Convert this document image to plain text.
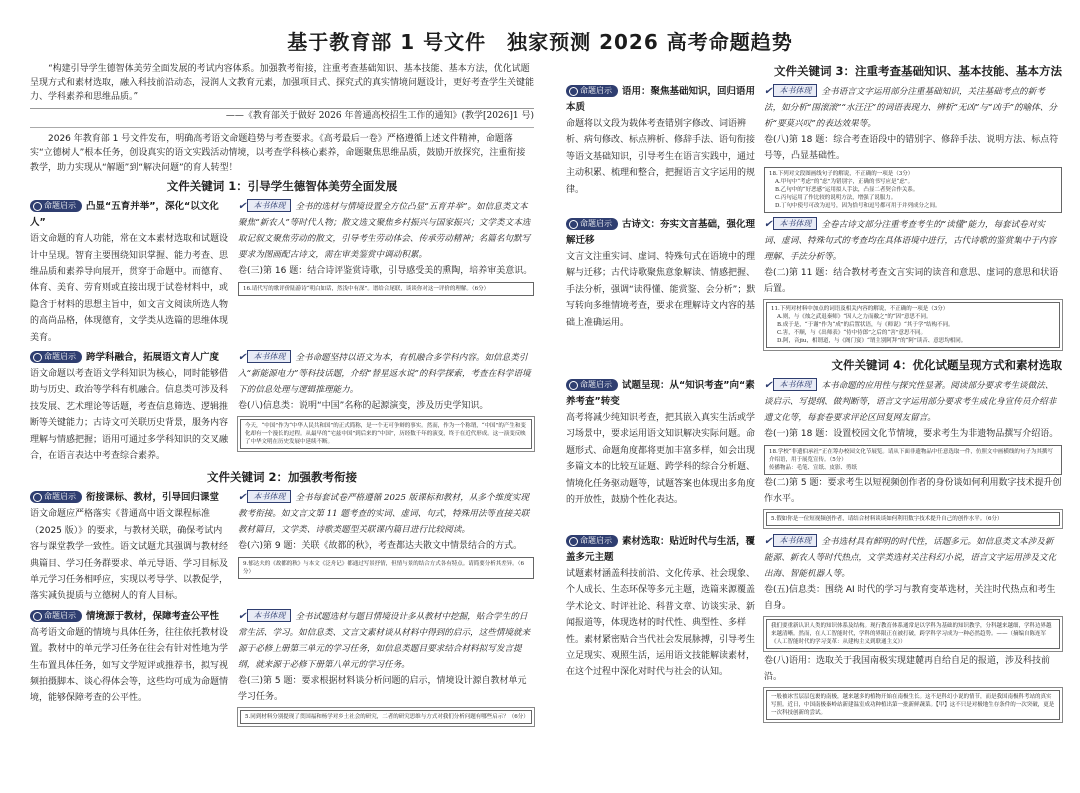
基于教育部 1 号文件　独家预测 2026 高考命题趋势
“构建引导学生德智体美劳全面发展的考试内容体系。加强教考衔接，注重考查基础知识、基本技能、基本方法，优化试题呈现方式和素材选取，融入科技前沿动态，浸润人文教育元素，加强项目式、探究式的真实情境问题设计，更好考查学生关键能力、学科素养和思维品质。”
——《教育部关于做好 2026 年普通高校招生工作的通知》(教学[2026]1 号)
2026 年教育部 1 号文件发布，明确高考语文命题趋势与考查要求。《高考最后一卷》严格遵循上述文件精神，命题落实“立德树人”根本任务，创设真实的语文实践活动情境，以考查学科核心素养，命题聚焦思维品质，鼓励开放探究，注重衔接教学，助力实现从“解题”到“解决问题”的育人转型！
文件关键词 1：引导学生德智体美劳全面发展
命题启示 凸显“五育并举”，深化“以文化人”
语文命题的育人功能，常在文本素材选取和试题设计中呈现。智育主要围绕知识掌握、能力考查、思维品质和素养导向展开，贯穿于命题中。而德育、体育、美育、劳育则或直接出现于试卷材料中，或隐含于材料的思想主旨中，如文言文阅读所选人物的高尚品格，体现德育，文学类从选篇的思维体现美育。
✔ 本书体现 全书的选材与情境设置全方位凸显“五育并举”。如信息类文本聚焦“新农人”等时代人物；散文选文聚焦乡村振兴与国家振兴；文学类文本选取记叙文聚焦劳动的散文，引导考生劳动体会、传承劳动精神；名篇名句默写要求为图画配古诗文，需在审美鉴赏中调动积累。
卷(三)第 16 题：结合诗评鉴赏诗歌，引导感受美的熏陶，培养审美意识。
16.请代写的歌评价陆游诗“明白如话，然浅中有深”。谱给合尾联，谈谈你对这一评价的理解。（6分）
命题启示 跨学科融合，拓展语文育人广度
语文命题以考查语文学科知识为核心，同时能够借助与历史、政治等学科有机融合。信息类可涉及科技发展、艺术理论等话题，考查信息筛选、逻辑推断等关键能力；古诗文可关联历史背景，服务内容理解与情感把握；语用可通过多学科知识的交叉融合，在语言表达中考查综合素养。
✔ 本书体现 全书命题坚持以语文为本，有机融合多学科内容。如信息类引入“新能源电力”等科技话题，介绍“替星返水说”的科学探索，考查在科学语境下的信息处理与逻辑推理能力。
卷(八)信息类：说明“中国”名称的起源演变，涉及历史学知识。
今天，“中国”作为“中华人民共和国”的正式简称，是一个无可争辩的事实。然而，作为一个称谓，“中国”的产生和变化却有一个漫长的过程。从最早的“宅兹中国”到后来的“中国”，历经数千年的演变，终于在近代形成。这一演变反映了中华文明在历史发展中延续不断。
文件关键词 2：加强教考衔接
命题启示 衔接课标、教材，引导回归课堂
语文命题应严格落实《普通高中语文课程标准（2025 版）》的要求，与教材关联，确保考试内容与课堂教学一致性。语文试题尤其强调与教材经典篇目、学习任务群要求、单元导语、学习目标及单元学习任务相呼应，实现以考导学、以教促学，落实减负提质与立德树人的育人目标。
✔ 本书体现 全书每套试卷严格遵循 2025 版课标和教材，从多个维度实现教考衔接。如文言文第 11 题考查的实词、虚词、句式，特殊用法等直接关联教材篇目，文学类、诗歌类题型关联课内篇目进行比较阅读。
卷(六)第 9 题：关联《故都的秋》，考查都达夫散文中情景结合的方式。
9.郁达夫的《故都的秋》与本文《泛舟记》都通过写景抒情，但情与景的结合方式各有特点。请简要分析其差异。（6分）
命题启示 情境源于教材，保障考查公平性
高考语文命题的情境与具体任务，往往依托教材设置。教材中的单元学习任务在往会有针对性地为学生布置具体任务，如写文学短评或推荐书，拟写视频拍摄脚本、谈心得体会等，这些均可成为命题情境，能够保障考查的公平性。
✔ 本书体现 全书试题选材与题目情境设计多从教材中挖掘，贴合学生的日常生活、学习。如信息类、文言文素材谈从材料中得到的启示，这些情境就来源于必修上册第三单元的学习任务，如信息类题目要求结合材料拟写发言提纲，就来源于必修下册第八单元的学习任务。
卷(三)第 5 题：要求根据材料谈分析问题的启示，情境设计源自教材单元学习任务。
5.同到材料分别提现了贯国福和杨学对乡土社会的研究，二者的研究思维与方式对我们分析问题有哪些启示？（6分）
文件关键词 3：注重考查基础知识、基本技能、基本方法
命题启示 语用：聚焦基础知识，回归语用本质
命题将以文段为载体考查错别字修改、词语辨析、病句修改、标点辨析、修辞手法、语句衔接等语文基础知识，引导考生在语言实践中，通过主动积累、梳理和整合，把握语言文字运用的规律。
✔ 本书体现 全书语言文字运用部分注重基础知识，关注基础考点的新考法，如分析“围滚滚”“水汪汪”的词语表现力、辨析“无凶”与“凶手”的喻体、分析“要莫兴叹”的表达效果等。
卷(八)第 18 题：综合考查语段中的错别字、修辞手法、说明方法、标点符号等，凸显基础性。
18.下列对文段图画线句子的解说，不正确的一项是（3分）
A.甲句中“考虑”的“虑”为错别字，正确的书写应是“虑”。
B.乙句中的“好恶感”运用拟人手法，凸显二者契合作关系。
C.丙句运用了作比较的说明方法，增强了说服力。
D.丁句中使号可改为逗号，因为恰号和逗号都可用于并列成分之间。
命题启示 古诗文：夯实文言基础，强化理解迁移
文言文注重实词、虚词、特殊句式在语境中的理解与迁移；古代诗歌聚焦意象解读、情感把握、手法分析，强调“读得懂、能赏鉴、会分析”；默写转向多维情境考查，要求在理解诗文内容的基础上准确运用。
✔ 本书体现 全卷古诗文部分注重考查考生的“读懂”能力，每套试卷对实词、虚词、特殊句式的考查均在具体语境中进行，古代诗歌的鉴赏集中于内容理解、手法分析等。
卷(二)第 11 题：结合教材考查文言实词的读音和意思、虚词的意思和状语后置。
11.下列对材料中加点的词语及相关内容的解说，不正确的一项是（3分）
A.则，与《烛之武退秦师》“因人之力而敝之”的“因”意思不同。
B.成于是，“于谢”作为“成”的后置状语，与《师说》“其于学”结构不同。
C.害，不顺，与《出师表》“侍中侍郎”之后的“害”意思不同。
D.阿，音jiu，相谓道，与《阁门宴》“谓主别阿拜”的“阿”读音、意思均相同。
文件关键词 4：优化试题呈现方式和素材选取
命题启示 试题呈现：从“知识考查”向“素养考查”转变
高考将减少纯知识考查，把其嵌入真实生活或学习场景中，要求运用语文知识解决实际问题。命题形式、命题角度都将更加丰富多样，如会出现多篇文本的比较互证题、跨学科的综合分析题、情境化任务驱动题等，试题答案也体现出多角度的开放性，鼓励个性化表达。
✔ 本书体现 本书命题的应用性与探究性显著。阅读部分要求考生谈做法、谈启示、写提纲、做判断等，语言文字运用部分要求考生成化身宣传员介绍非遗文化等，每套卷要求评论区回复网友留言。
卷(一)第 18 题：设置校园文化节情境，要求考生为非遗物品撰写介绍语。
18.学校“非遗伯承社”正在筹办校园文化节展览。请从下面非遗物品中任意选取一件，仿照文中画横线的句子为其撰写介绍语，用于展览宣传。（5分）
传播物品：毛笔、宣纸、皮影、剪纸
卷(二)第 5 题：要求考生以短视频创作者的身份谈如何利用数字技术提升创作水平。
5.假如你是一位短视频创作者，请结合材料谈谈如何利用数字技术提升自己的创作水平。（6分）
命题启示 素材选取：贴近时代与生活，覆盖多元主题
试题素材涵盖科技前沿、文化传承、社会现象、个人成长、生态环保等多元主题，选篇来源覆盖学术论文、时评社论、科普文章、访谈实录、新闻报道等，体现选材的时代性、典型性、多样性。素材紧密贴合当代社会发展脉搏，引导考生立足现实、观照生活，运用语文技能解读素材，在这个过程中深化对时代与社会的认知。
✔ 本书体现 全书选材具有鲜明的时代性，话题多元。如信息类文本涉及新能源、新农人等时代热点，文学类选材关注科幻小说，语言文字运用涉及文化出海、智能机器人等。
卷(五)信息类：围绕 AI 时代的学习与教育变革选材，关注时代热点和考生自身。
我们要重新认识人类的知识体系及结构。现行教育体系通常是以学科为基础的知识教学，分科越来越细，学科边界越来越清晰。然而，在人工智能时代，学科的界限正在被打破，跨学科学习成为一种必然趋势。——（摘编自陈连军《人工智能时代的学习变革：从建构主义到联通主义》）
卷(八)语用：选取关于我国南极实现建麓再自给自足的报道，涉及科技前沿。
一般被冰雪层层包裹的南极，越来越多的植物开始在南极生长。这不是科幻小说的情节，而是我国南极科考站的真实写照。近日，中国南极秦岭站新建温室成功种植出第一批新鲜蔬菜。【甲】这不只是对极地生存条件的一次突破，更是一次科技创新的尝试。
